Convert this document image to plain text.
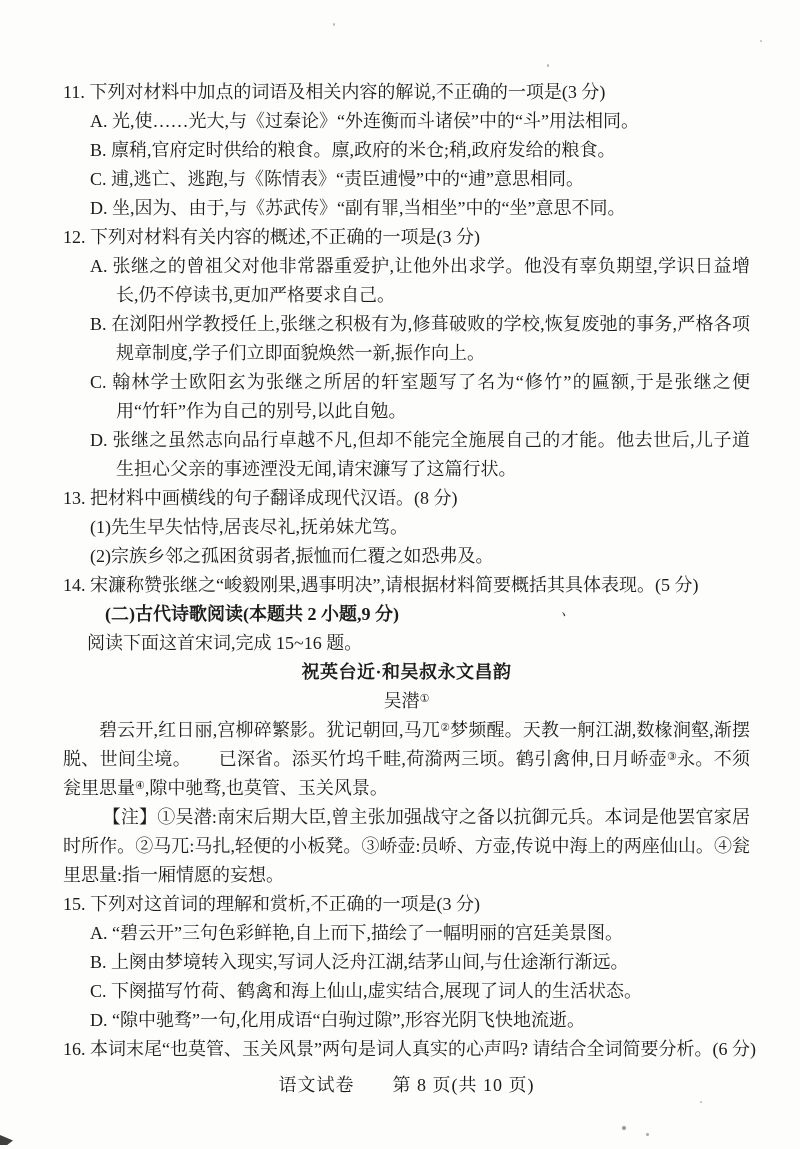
11. 下列对材料中加点的词语及相关内容的解说,不正确的一项是(3 分)

A. 光,使……光大,与《过秦论》“外连衡而斗诸侯”中的“斗”用法相同。

B. 廪稍,官府定时供给的粮食。廪,政府的米仓;稍,政府发给的粮食。

C. 逋,逃亡、逃跑,与《陈情表》“责臣逋慢”中的“逋”意思相同。

D. 坐,因为、由于,与《苏武传》“副有罪,当相坐”中的“坐”意思不同。

12. 下列对材料有关内容的概述,不正确的一项是(3 分)

A. 张继之的曾祖父对他非常器重爱护,让他外出求学。他没有辜负期望,学识日益增长,仍不停读书,更加严格要求自己。

B. 在浏阳州学教授任上,张继之积极有为,修葺破败的学校,恢复废弛的事务,严格各项规章制度,学子们立即面貌焕然一新,振作向上。

C. 翰林学士欧阳玄为张继之所居的轩室题写了名为“修竹”的匾额,于是张继之便用“竹轩”作为自己的别号,以此自勉。

D. 张继之虽然志向品行卓越不凡,但却不能完全施展自己的才能。他去世后,儿子道生担心父亲的事迹湮没无闻,请宋濂写了这篇行状。

13. 把材料中画横线的句子翻译成现代汉语。(8 分)

(1)先生早失怙恃,居丧尽礼,抚弟妹尤笃。

(2)宗族乡邻之孤困贫弱者,振恤而仁覆之如恐弗及。

14. 宋濂称赞张继之“峻毅刚果,遇事明决”,请根据材料简要概括其具体表现。(5 分)

(二)古代诗歌阅读(本题共 2 小题,9 分)

阅读下面这首宋词,完成 15~16 题。

祝英台近·和吴叔永文昌韵

吴潜①

碧云开,红日丽,宫柳碎繁影。犹记朝回,马兀②梦频醒。天教一舸江湖,数椽涧壑,渐摆脱、世间尘境。　　已深省。添买竹坞千畦,荷漪两三顷。鹤引禽伸,日月峤壶③永。不须瓮里思量④,隙中驰骛,也莫管、玉关风景。

【注】①吴潜:南宋后期大臣,曾主张加强战守之备以抗御元兵。本词是他罢官家居时所作。②马兀:马扎,轻便的小板凳。③峤壶:员峤、方壶,传说中海上的两座仙山。④瓮里思量:指一厢情愿的妄想。

15. 下列对这首词的理解和赏析,不正确的一项是(3 分)

A. “碧云开”三句色彩鲜艳,自上而下,描绘了一幅明丽的宫廷美景图。

B. 上阕由梦境转入现实,写词人泛舟江湖,结茅山间,与仕途渐行渐远。

C. 下阕描写竹荷、鹤禽和海上仙山,虚实结合,展现了词人的生活状态。

D. “隙中驰骛”一句,化用成语“白驹过隙”,形容光阴飞快地流逝。

16. 本词末尾“也莫管、玉关风景”两句是词人真实的心声吗? 请结合全词简要分析。(6 分)

语文试卷　　第 8 页(共 10 页)

、
